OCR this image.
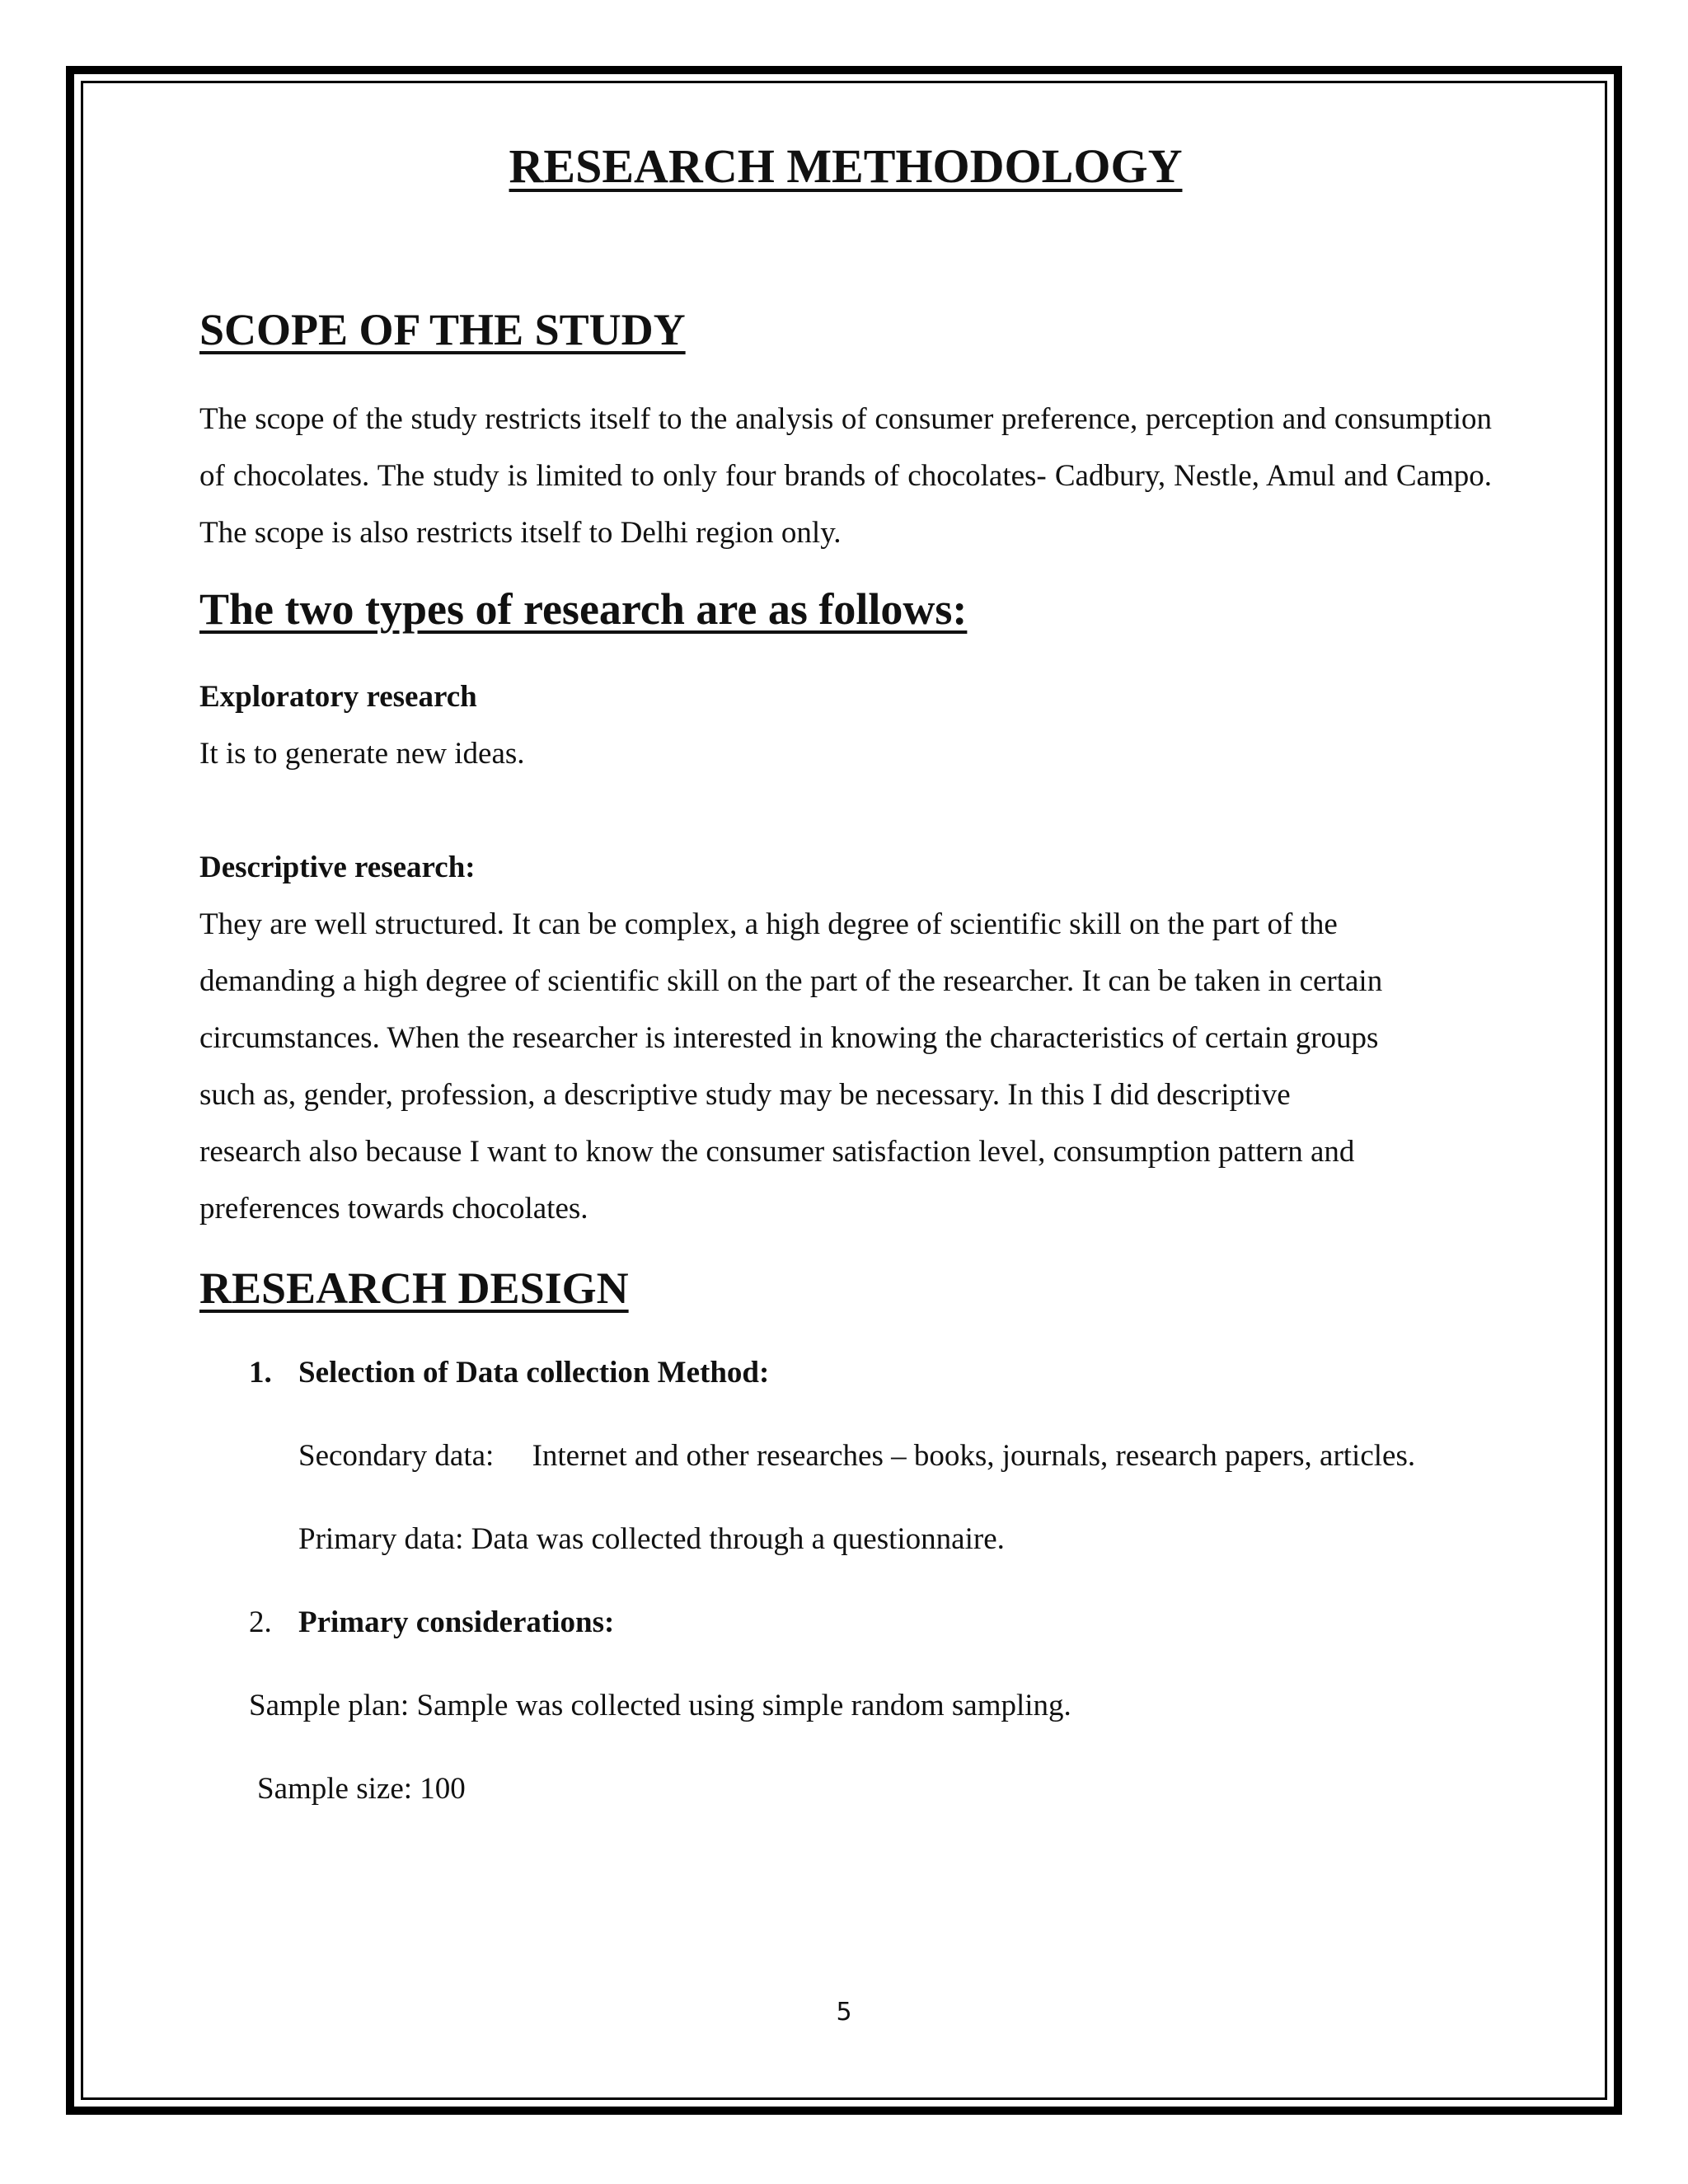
RESEARCH METHODOLOGY
SCOPE OF THE STUDY

The scope of the study restricts itself to the analysis of consumer preference, perception and consumption of chocolates. The study is limited to only four brands of chocolates- Cadbury, Nestle, Amul and Campo. The scope is also restricts itself to Delhi region only.

The two types of research are as follows:

Exploratory research

It is to generate new ideas.

Descriptive research:

They are well structured. It can be complex, a high degree of scientific skill on the part of the

demanding a high degree of scientific skill on the part of the researcher. It can be taken in certain

circumstances. When the researcher is interested in knowing the characteristics of certain groups

such as, gender, profession, a descriptive study may be necessary. In this I did descriptive

research also because I want to know the consumer satisfaction level, consumption pattern and

preferences towards chocolates.

RESEARCH DESIGN
1. Selection of Data collection Method:

Secondary data: Internet and other researches – books, journals, research papers, articles.

Primary data: Data was collected through a questionnaire.

2. Primary considerations:

Sample plan: Sample was collected using simple random sampling.

Sample size: 100

5
